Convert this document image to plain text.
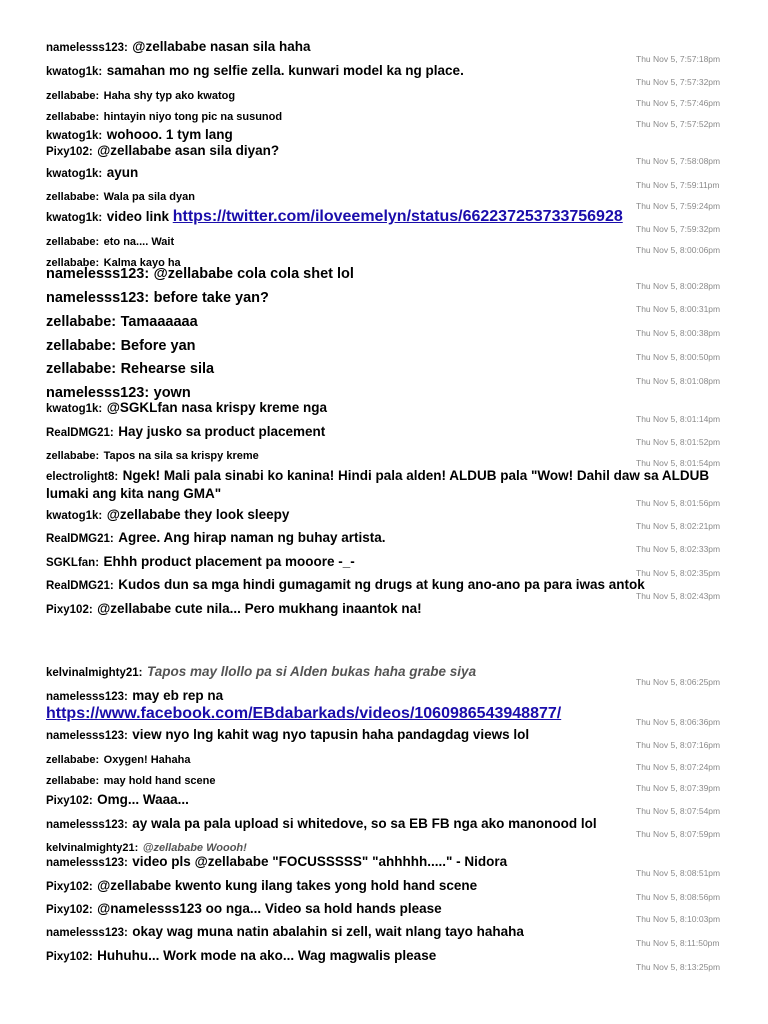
namelesss123: @zellababe nasan sila haha
kwatog1k: samahan mo ng selfie zella. kunwari model ka ng place.
zellababe: Haha shy typ ako kwatog
zellababe: hintayin niyo tong pic na susunod
kwatog1k: wohooo. 1 tym lang
Pixy102: @zellababe asan sila diyan?
kwatog1k: ayun
zellababe: Wala pa sila dyan
kwatog1k: video link https://twitter.com/iloveemelyn/status/662237253733756928
zellababe: eto na.... Wait
zellababe: Kalma kayo ha
namelesss123: @zellababe cola cola shet lol
namelesss123: before take yan?
zellababe: Tamaaaaaa
zellababe: Before yan
zellababe: Rehearse sila
namelesss123: yown
kwatog1k: @SGKLfan nasa krispy kreme nga
RealDMG21: Hay jusko sa product placement
zellababe: Tapos na sila sa krispy kreme
electrolight8: Ngek! Mali pala sinabi ko kanina! Hindi pala alden! ALDUB pala "Wow! Dahil daw sa ALDUB lumaki ang kita nang GMA"
kwatog1k: @zellababe they look sleepy
RealDMG21: Agree. Ang hirap naman ng buhay artista.
SGKLfan: Ehhh product placement pa mooore -_-
RealDMG21: Kudos dun sa mga hindi gumagamit ng drugs at kung ano-ano pa para iwas antok
Pixy102: @zellababe cute nila... Pero mukhang inaantok na!
kelvinalmighty21: Tapos may llollo pa si Alden bukas haha grabe siya
namelesss123: may eb rep na https://www.facebook.com/EBdabarkads/videos/1060986543948877/
namelesss123: view nyo lng kahit wag nyo tapusin haha pandagdag views lol
zellababe: Oxygen! Hahaha
zellababe: may hold hand scene
Pixy102: Omg... Waaa...
namelesss123: ay wala pa pala upload si whitedove, so sa EB FB nga ako manonood lol
kelvinalmighty21: @zellababe Woooh!
namelesss123: video pls @zellababe "FOCUSSSSS" "ahhhhh....." - Nidora
Pixy102: @zellababe kwento kung ilang takes yong hold hand scene
Pixy102: @namelesss123 oo nga... Video sa hold hands please
namelesss123: okay wag muna natin abalahin si zell, wait nlang tayo hahaha
Pixy102: Huhuhu... Work mode na ako... Wag magwalis please
Thu Nov 5, 7:57:18pm
Thu Nov 5, 7:57:32pm
Thu Nov 5, 7:57:46pm
Thu Nov 5, 7:57:52pm
Thu Nov 5, 7:58:08pm
Thu Nov 5, 7:59:11pm
Thu Nov 5, 7:59:24pm
Thu Nov 5, 7:59:32pm
Thu Nov 5, 8:00:06pm
Thu Nov 5, 8:00:28pm
Thu Nov 5, 8:00:31pm
Thu Nov 5, 8:00:38pm
Thu Nov 5, 8:00:50pm
Thu Nov 5, 8:01:08pm
Thu Nov 5, 8:01:14pm
Thu Nov 5, 8:01:52pm
Thu Nov 5, 8:01:54pm
Thu Nov 5, 8:01:56pm
Thu Nov 5, 8:02:21pm
Thu Nov 5, 8:02:33pm
Thu Nov 5, 8:02:35pm
Thu Nov 5, 8:02:43pm
Thu Nov 5, 8:06:25pm
Thu Nov 5, 8:06:36pm
Thu Nov 5, 8:07:16pm
Thu Nov 5, 8:07:24pm
Thu Nov 5, 8:07:39pm
Thu Nov 5, 8:07:54pm
Thu Nov 5, 8:07:59pm
Thu Nov 5, 8:08:51pm
Thu Nov 5, 8:08:56pm
Thu Nov 5, 8:10:03pm
Thu Nov 5, 8:11:50pm
Thu Nov 5, 8:13:25pm
